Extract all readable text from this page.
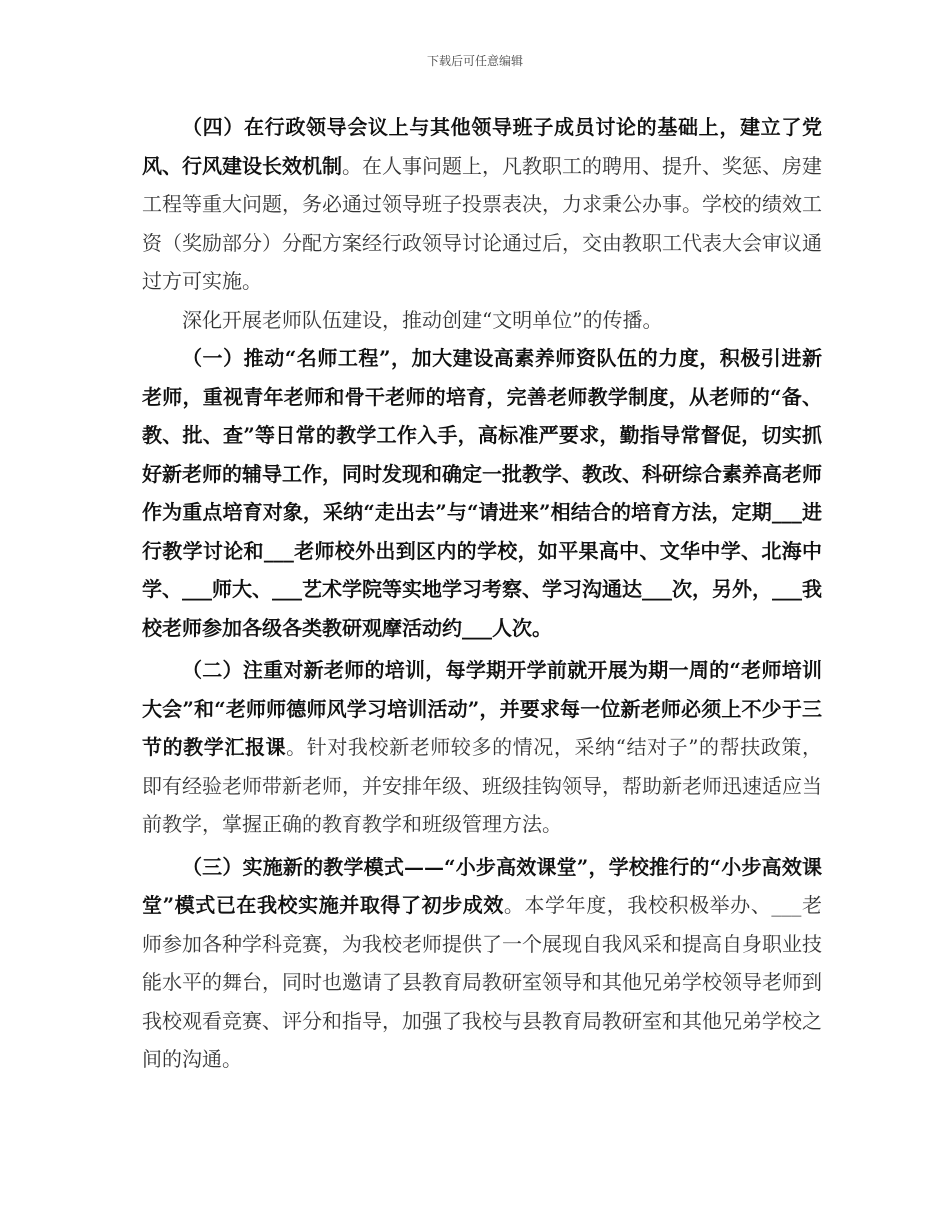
下载后可任意编辑

（四）在行政领导会议上与其他领导班子成员讨论的基础上，建立了党风、行风建设长效机制。在人事问题上，凡教职工的聘用、提升、奖惩、房建工程等重大问题，务必通过领导班子投票表决，力求秉公办事。学校的绩效工资（奖励部分）分配方案经行政领导讨论通过后，交由教职工代表大会审议通过方可实施。

深化开展老师队伍建设，推动创建“文明单位”的传播。

（一）推动“名师工程”，加大建设高素养师资队伍的力度，积极引进新老师，重视青年老师和骨干老师的培育，完善老师教学制度，从老师的“备、教、批、查”等日常的教学工作入手，高标准严要求，勤指导常督促，切实抓好新老师的辅导工作，同时发现和确定一批教学、教改、科研综合素养高老师作为重点培育对象，采纳“走出去”与“请进来”相结合的培育方法，定期___进行教学讨论和___老师校外出到区内的学校，如平果高中、文华中学、北海中学、___师大、___艺术学院等实地学习考察、学习沟通达___次，另外，___我校老师参加各级各类教研观摩活动约___人次。

（二）注重对新老师的培训，每学期开学前就开展为期一周的“老师培训大会”和“老师师德师风学习培训活动”，并要求每一位新老师必须上不少于三节的教学汇报课。针对我校新老师较多的情况，采纳“结对子”的帮扶政策，即有经验老师带新老师，并安排年级、班级挂钩领导，帮助新老师迅速适应当前教学，掌握正确的教育教学和班级管理方法。

（三）实施新的教学模式——“小步高效课堂”，学校推行的“小步高效课堂”模式已在我校实施并取得了初步成效。本学年度，我校积极举办、___老师参加各种学科竞赛，为我校老师提供了一个展现自我风采和提高自身职业技能水平的舞台，同时也邀请了县教育局教研室领导和其他兄弟学校领导老师到我校观看竞赛、评分和指导，加强了我校与县教育局教研室和其他兄弟学校之间的沟通。
